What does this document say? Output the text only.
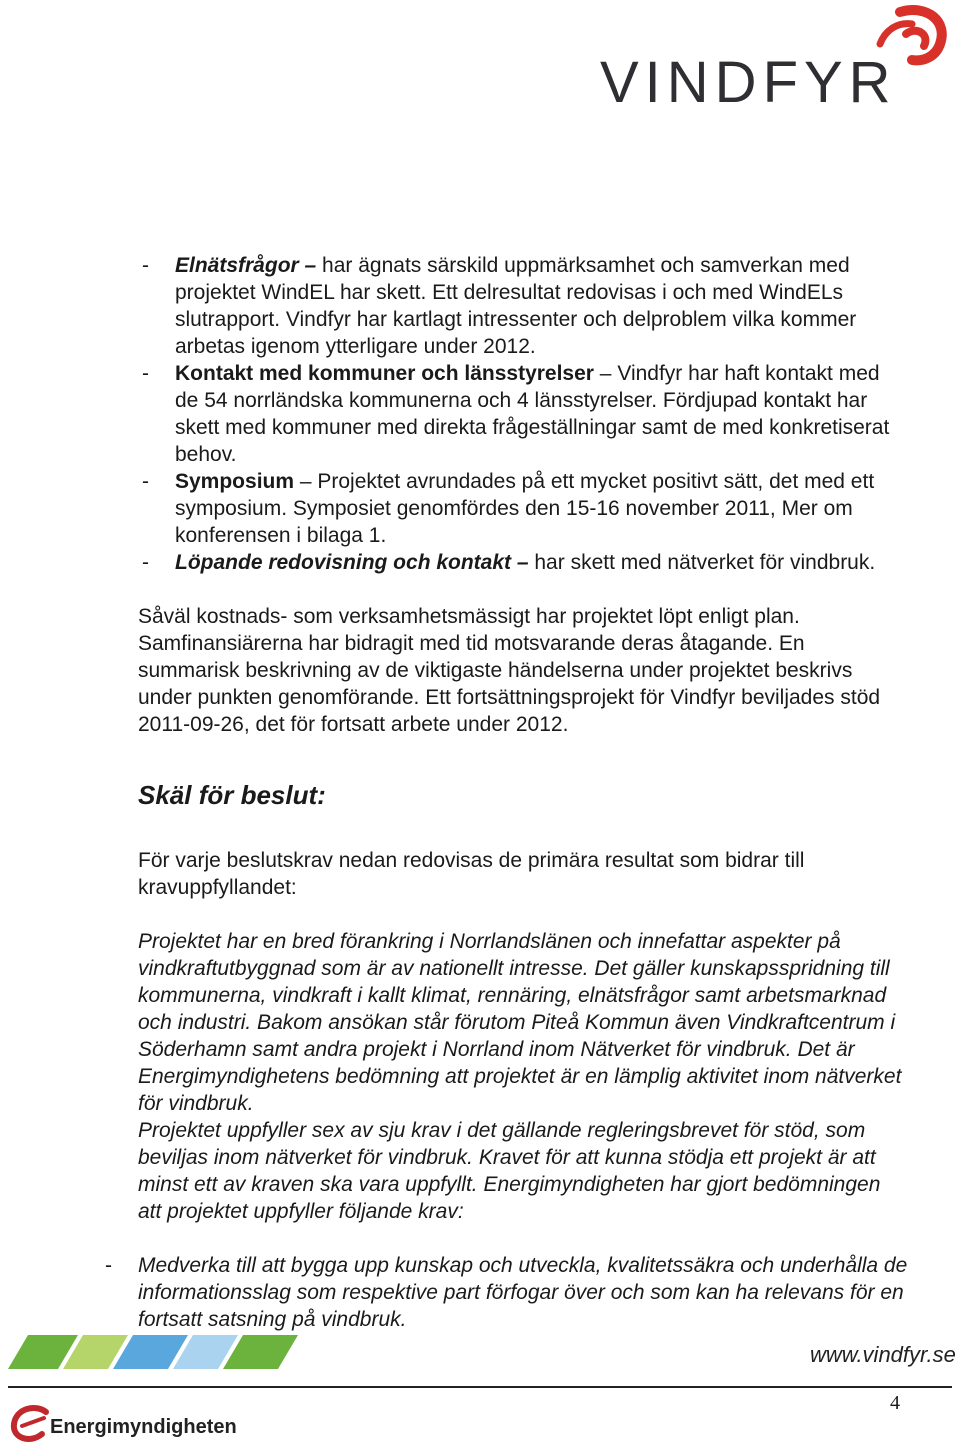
VINDFYR
- Elnätsfrågor – har ägnats särskild uppmärksamhet och samverkan med projektet WindEL har skett. Ett delresultat redovisas i och med WindELs slutrapport. Vindfyr har kartlagt intressenter och delproblem vilka kommer arbetas igenom ytterligare under 2012.
- Kontakt med kommuner och länsstyrelser – Vindfyr har haft kontakt med de 54 norrländska kommunerna och 4 länsstyrelser. Fördjupad kontakt har skett med kommuner med direkta frågeställningar samt de med konkretiserat behov.
- Symposium – Projektet avrundades på ett mycket positivt sätt, det med ett symposium. Symposiet genomfördes den 15-16 november 2011, Mer om konferensen i bilaga 1.
- Löpande redovisning och kontakt – har skett med nätverket för vindbruk.

Såväl kostnads- som verksamhetsmässigt har projektet löpt enligt plan. Samfinansiärerna har bidragit med tid motsvarande deras åtagande. En summarisk beskrivning av de viktigaste händelserna under projektet beskrivs under punkten genomförande. Ett fortsättningsprojekt för Vindfyr beviljades stöd 2011-09-26, det för fortsatt arbete under 2012.

Skäl för beslut:

För varje beslutskrav nedan redovisas de primära resultat som bidrar till kravuppfyllandet:

Projektet har en bred förankring i Norrlandslänen och innefattar aspekter på vindkraftutbyggnad som är av nationellt intresse. Det gäller kunskapsspridning till kommunerna, vindkraft i kallt klimat, rennäring, elnätsfrågor samt arbetsmarknad och industri. Bakom ansökan står förutom Piteå Kommun även Vindkraftcentrum i Söderhamn samt andra projekt i Norrland inom Nätverket för vindbruk. Det är Energimyndighetens bedömning att projektet är en lämplig aktivitet inom nätverket för vindbruk.

Projektet uppfyller sex av sju krav i det gällande regleringsbrevet för stöd, som beviljas inom nätverket för vindbruk. Kravet för att kunna stödja ett projekt är att minst ett av kraven ska vara uppfyllt. Energimyndigheten har gjort bedömningen att projektet uppfyller följande krav:

- Medverka till att bygga upp kunskap och utveckla, kvalitetssäkra och underhålla de informationsslag som respektive part förfogar över och som kan ha relevans för en fortsatt satsning på vindbruk.
www.vindfyr.se
4
Energimyndigheten
